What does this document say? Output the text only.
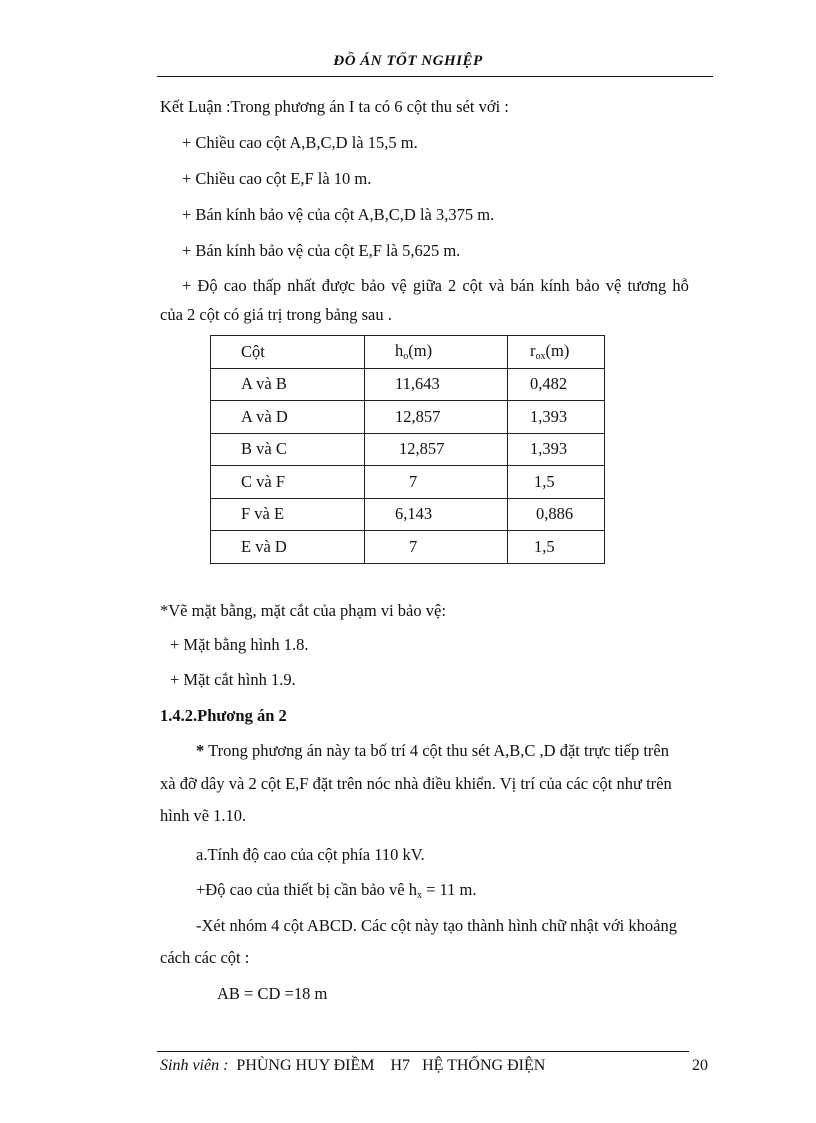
ĐỒ ÁN TỐT NGHIỆP
Kết Luận :Trong phương án I ta có 6 cột thu sét với :
+ Chiều cao cột A,B,C,D là 15,5 m.
+ Chiều cao cột E,F là 10 m.
+ Bán kính bảo vệ của cột A,B,C,D là 3,375 m.
+ Bán kính bảo vệ của cột E,F là 5,625 m.
+ Độ cao thấp nhất được bảo vệ giữa 2 cột và bán kính bảo vệ tương hỗ
của 2 cột có giá trị trong bảng sau .
Cột	$h_o(m)$	$r_{ox}(m)$
A và B	11,643	0,482
A và D	12,857	1,393
B và C	12,857	1,393
C và F	7	1,5
F và E	6,143	0,886
E và D	7	1,5
*Vẽ mặt bằng, mặt cắt của phạm vi bảo vệ:
+ Mặt bằng hình 1.8.
+ Mặt cắt hình 1.9.
1.4.2.Phương án 2
* Trong phương án này ta bố trí 4 cột thu sét A,B,C ,D đặt trực tiếp trên
xà đỡ dây và 2 cột E,F đặt trên nóc nhà điều khiển. Vị trí của các cột như trên
hình vẽ 1.10.
a.Tính độ cao của cột phía 110 kV.
+Độ cao của thiết bị cần bảo vê $h_x = 11$ m.
-Xét nhóm 4 cột ABCD. Các cột này tạo thành hình chữ nhật với khoảng
cách các cột :
AB = CD =18 m
Sinh viên : PHÙNG HUY ĐIỀM H7 HỆ THỐNG ĐIỆN	20
